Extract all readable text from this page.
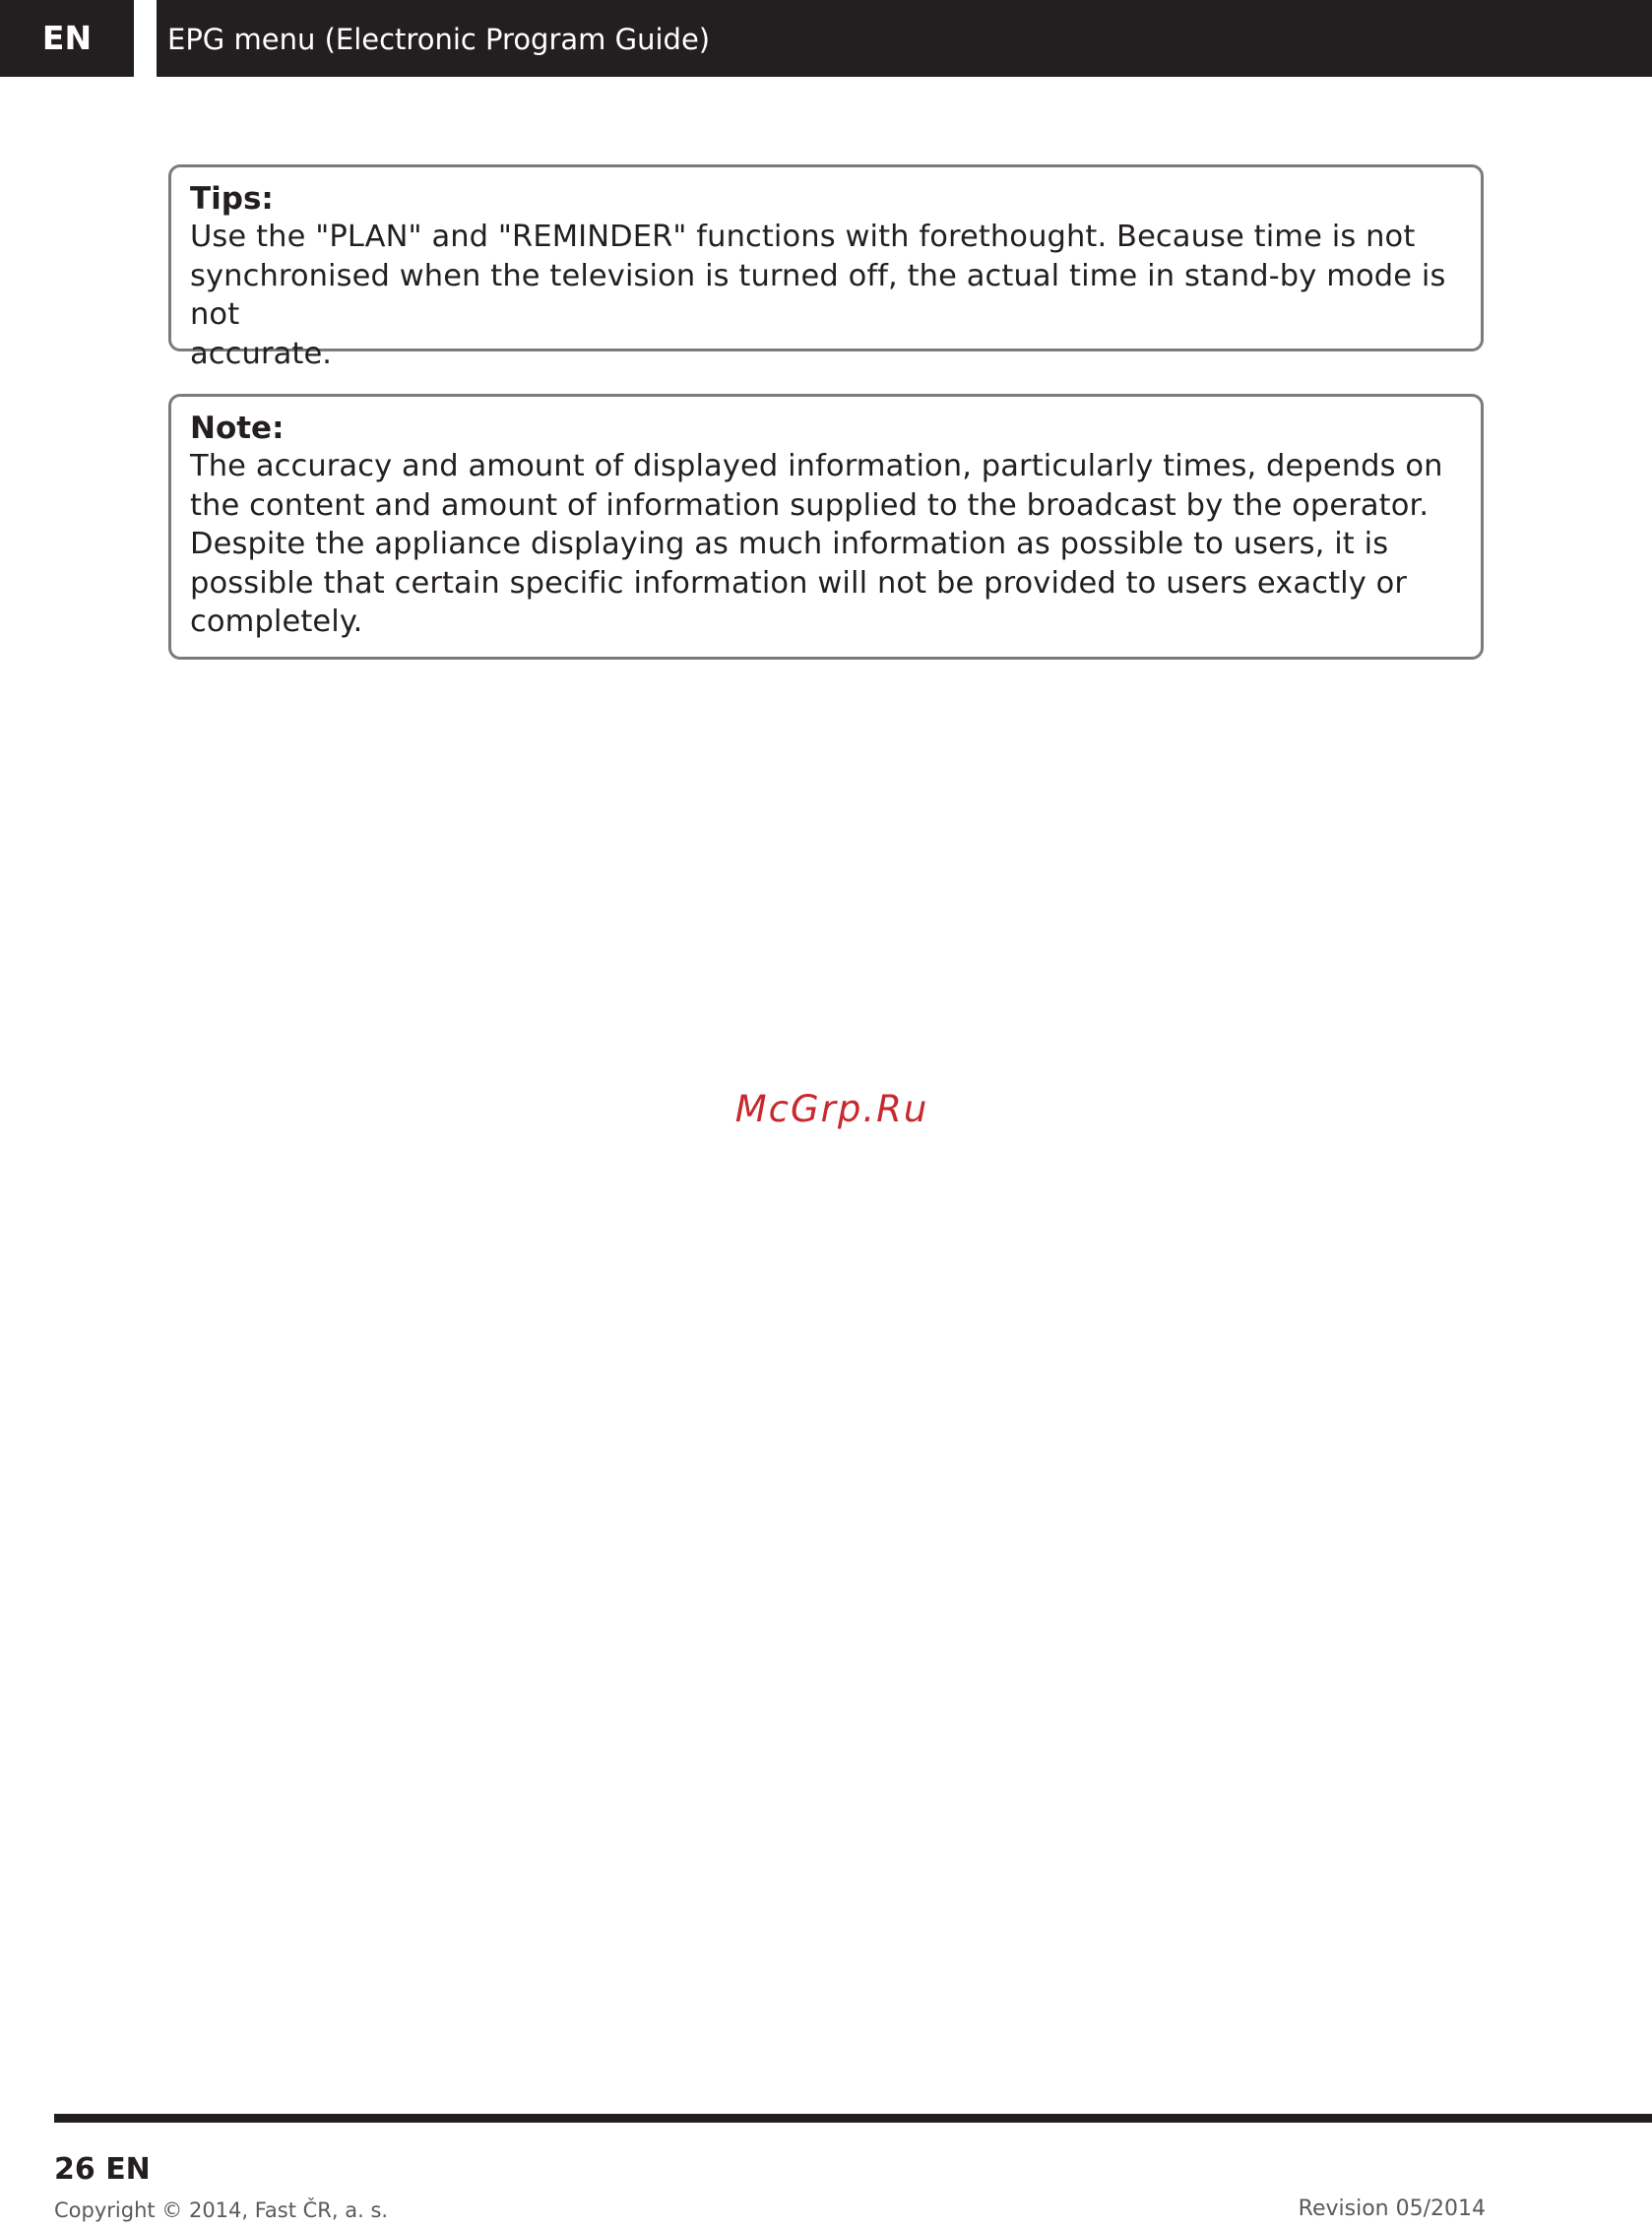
EN	EPG menu (Electronic Program Guide)
Tips:
Use the "PLAN" and "REMINDER" functions with forethought. Because time is not
synchronised when the television is turned off, the actual time in stand-by mode is not
accurate.
Note:
The accuracy and amount of displayed information, particularly times, depends on
the content and amount of information supplied to the broadcast by the operator.
Despite the appliance displaying as much information as possible to users, it is
possible that certain specific information will not be provided to users exactly or
completely.
McGrp.Ru
26 EN
Copyright © 2014, Fast ČR, a. s.	Revision 05/2014
